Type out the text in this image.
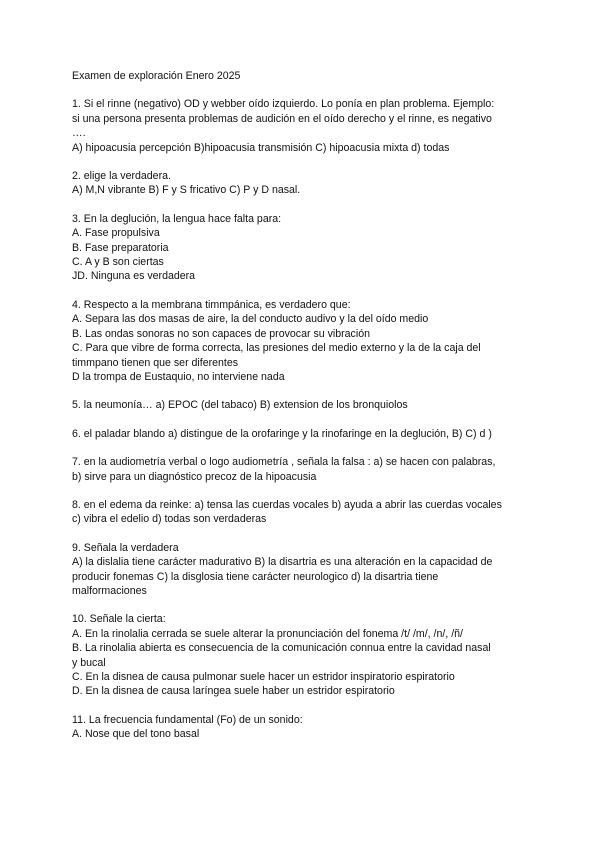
Examen de exploración Enero 2025

1. Si el rinne (negativo) OD y webber oído izquierdo. Lo ponía en plan problema. Ejemplo:

si una persona presenta problemas de audición en el oído derecho y el rinne, es negativo

….

A) hipoacusia percepción B)hipoacusia transmisión C) hipoacusia mixta d) todas

2. elige la verdadera.

A) M,N vibrante B) F y S fricativo C) P y D nasal.

3. En la deglución, la lengua hace falta para:

A. Fase propulsiva

B. Fase preparatoria

C. A y B son ciertas

JD. Ninguna es verdadera

4. Respecto a la membrana timmpánica, es verdadero que:

A. Separa las dos masas de aire, la del conducto audivo y la del oído medio

B. Las ondas sonoras no son capaces de provocar su vibración

C. Para que vibre de forma correcta, las presiones del medio externo y la de la caja del

timmpano tienen que ser diferentes

D la trompa de Eustaquio, no interviene nada

5. la neumonía… a) EPOC (del tabaco) B) extension de los bronquiolos

6. el paladar blando a) distingue de la orofaringe y la rinofaringe en la deglución, B) C) d )

7. en la audiometría verbal o logo audiometría , señala la falsa : a) se hacen con palabras,

b) sirve para un diagnóstico precoz de la hipoacusia

8. en el edema da reinke: a) tensa las cuerdas vocales b) ayuda a abrir las cuerdas vocales

c) vibra el edelio d) todas son verdaderas

9. Señala la verdadera

A) la dislalia tiene carácter madurativo B) la disartria es una alteración en la capacidad de

producir fonemas C) la disglosia tiene carácter neurologico d) la disartria tiene

malformaciones

10. Señale la cierta:

A. En la rinolalia cerrada se suele alterar la pronunciación del fonema /t/ /m/, /n/, /ñ/

B. La rinolalia abierta es consecuencia de la comunicación connua entre la cavidad nasal

y bucal

C. En la disnea de causa pulmonar suele hacer un estridor inspiratorio espiratorio

D. En la disnea de causa laríngea suele haber un estridor espiratorio

11. La frecuencia fundamental (Fo) de un sonido:

A. Nose que del tono basal
